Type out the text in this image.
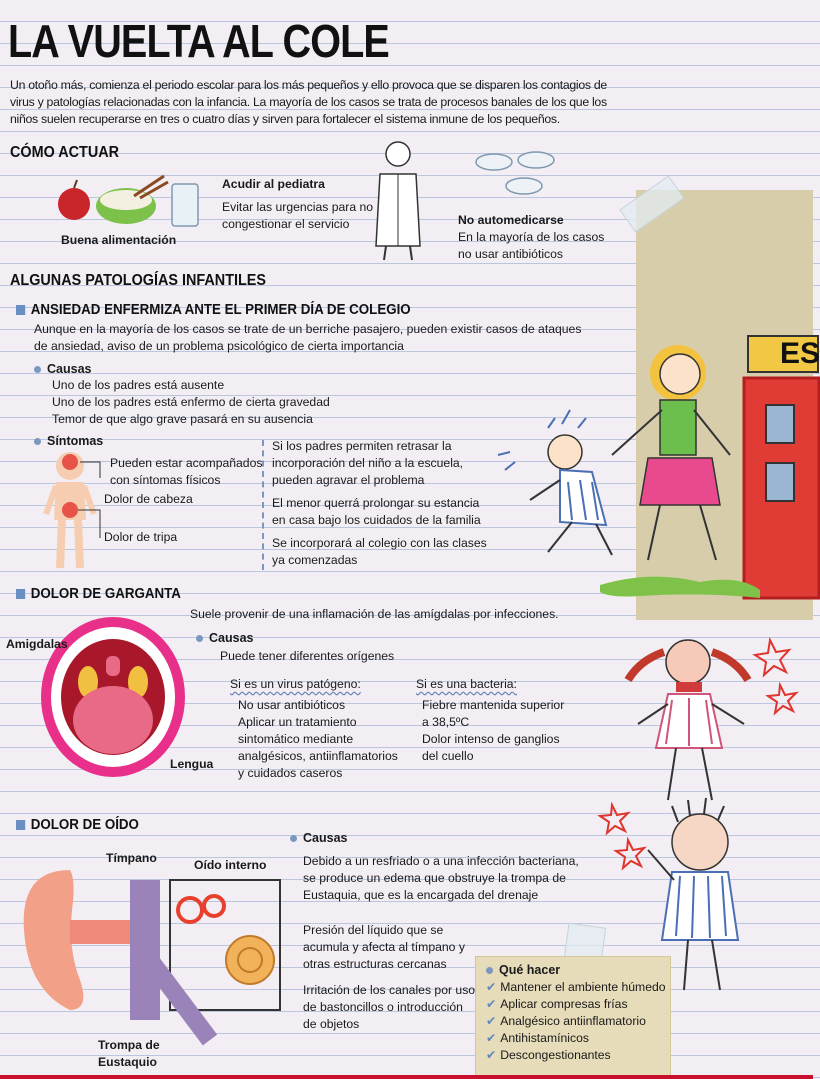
LA VUELTA AL COLE

Un otoño más, comienza el periodo escolar para los más pequeños y ello provoca que se disparen los contagios de virus y patologías relacionadas con la infancia. La mayoría de los casos se trata de procesos banales de los que los niños suelen recuperarse en tres o cuatro días y sirven para fortalecer el sistema inmune de los pequeños.

ES
CÓMO ACTUAR
Buena alimentación
Acudir al pediatra
Evitar las urgencias para no
congestionar el servicio	No automedicarse
En la mayoría de los casos
no usar antibióticos
ALGUNAS PATOLOGÍAS INFANTILES
ANSIEDAD ENFERMIZA ANTE EL PRIMER DÍA DE COLEGIO
Aunque en la mayoría de los casos se trate de un berriche pasajero, pueden existir casos de ataques
de ansiedad, aviso de un problema psicológico de cierta importancia
Causas
Uno de los padres está ausente
Uno de los padres está enfermo de cierta gravedad
Temor de que algo grave pasará en su ausencia
Síntomas
Pueden estar acompañados
con síntomas físicos
Dolor de cabeza
Dolor de tripa
Si los padres permiten retrasar la
incorporación del niño a la escuela,
pueden agravar el problema
El menor querrá prolongar su estancia
en casa bajo los cuidados de la familia
Se incorporará al colegio con las clases
ya comenzadas
DOLOR DE GARGANTA
Suele provenir de una inflamación de las amígdalas por infecciones.
Amigdalas
Lengua
Causas
Puede tener diferentes orígenes
Si es un virus patógeno:
No usar antibióticos
Aplicar un tratamiento
sintomático mediante
analgésicos, antiinflamatorios
y cuidados caseros
Si es una bacteria:
Fiebre mantenida superior
a 38,5ºC
Dolor intenso de ganglios
del cuello
DOLOR DE OÍDO
Tímpano	Oído interno
Trompa de
Eustaquio
Causas
Debido a un resfriado o a una infección bacteriana,
se produce un edema que obstruye la trompa de
Eustaquia, que es la encargada del drenaje
Presión del líquido que se
acumula y afecta al tímpano y
otras estructuras cercanas
Irritación de los canales por uso
de bastoncillos o introducción
de objetos
Qué hacer
✔ Mantener el ambiente húmedo
✔ Aplicar compresas frías
✔ Analgésico antiinflamatorio
✔ Antihistamínicos
✔ Descongestionantes
